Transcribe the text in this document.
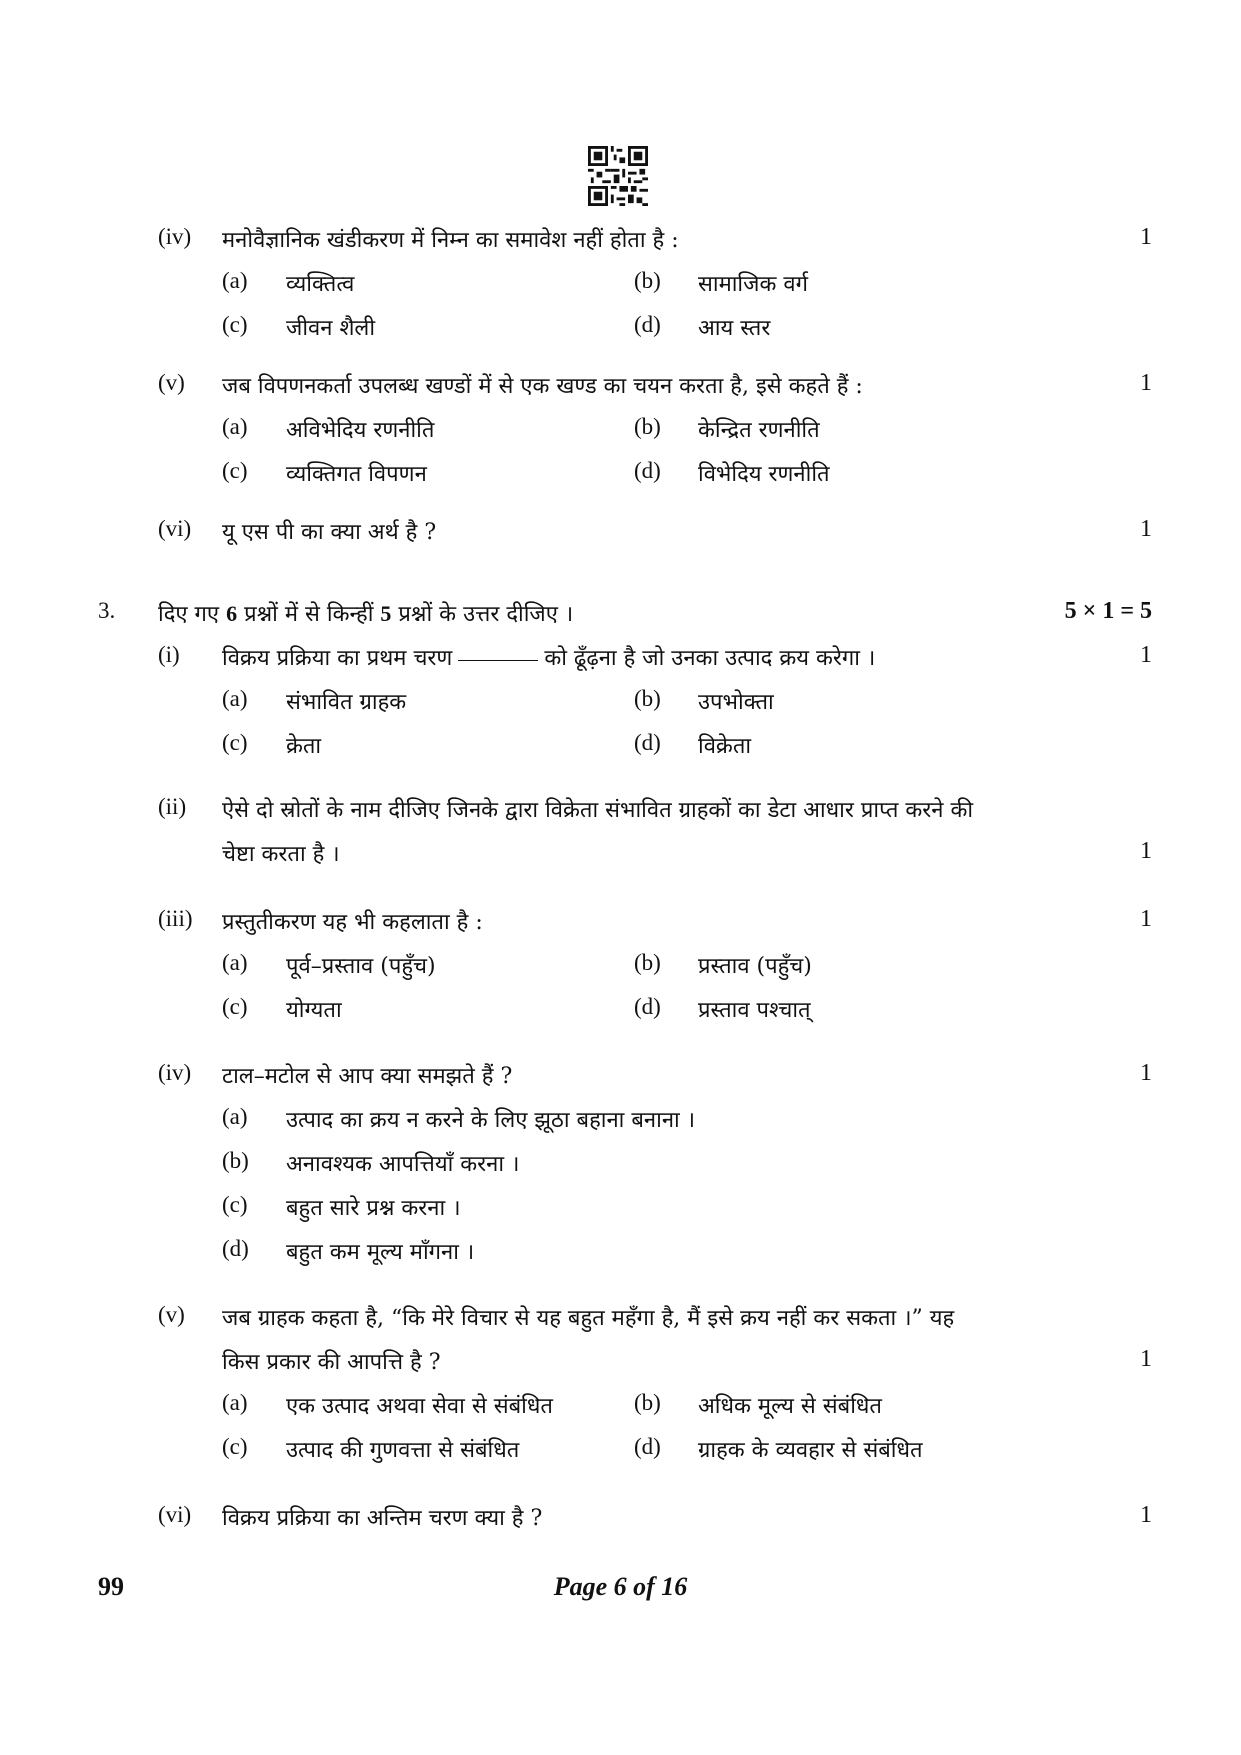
(iv) मनोवैज्ञानिक खंडीकरण में निम्न का समावेश नहीं होता है :	1
(a) व्यक्तित्व	(b) सामाजिक वर्ग
(c) जीवन शैली	(d) आय स्तर
(v) जब विपणनकर्ता उपलब्ध खण्डों में से एक खण्ड का चयन करता है, इसे कहते हैं :	1
(a) अविभेदिय रणनीति	(b) केन्द्रित रणनीति
(c) व्यक्तिगत विपणन	(d) विभेदिय रणनीति
(vi) यू एस पी का क्या अर्थ है ?	1
3. दिए गए 6 प्रश्नों में से किन्हीं 5 प्रश्नों के उत्तर दीजिए ।	5 × 1 = 5
(i) विक्रय प्रक्रिया का प्रथम चरण	को ढूँढ़ना है जो उनका उत्पाद क्रय करेगा ।	1
(a) संभावित ग्राहक	(b) उपभोक्ता
(c) क्रेता	(d) विक्रेता
(ii) ऐसे दो स्रोतों के नाम दीजिए जिनके द्वारा विक्रेता संभावित ग्राहकों का डेटा आधार प्राप्त करने की
चेष्टा करता है ।	1
(iii) प्रस्तुतीकरण यह भी कहलाता है :	1
(a) पूर्व–प्रस्ताव (पहुँच)	(b) प्रस्ताव (पहुँच)
(c) योग्यता	(d) प्रस्ताव पश्चात्
(iv) टाल–मटोल से आप क्या समझते हैं ?	1
(a) उत्पाद का क्रय न करने के लिए झूठा बहाना बनाना ।
(b) अनावश्यक आपत्तियाँ करना ।
(c) बहुत सारे प्रश्न करना ।
(d) बहुत कम मूल्य माँगना ।
(v) जब ग्राहक कहता है, “कि मेरे विचार से यह बहुत महँगा है, मैं इसे क्रय नहीं कर सकता ।” यह
किस प्रकार की आपत्ति है ?	1
(a) एक उत्पाद अथवा सेवा से संबंधित	(b) अधिक मूल्य से संबंधित
(c) उत्पाद की गुणवत्ता से संबंधित	(d) ग्राहक के व्यवहार से संबंधित
(vi) विक्रय प्रक्रिया का अन्तिम चरण क्या है ?	1
99	Page 6 of 16
